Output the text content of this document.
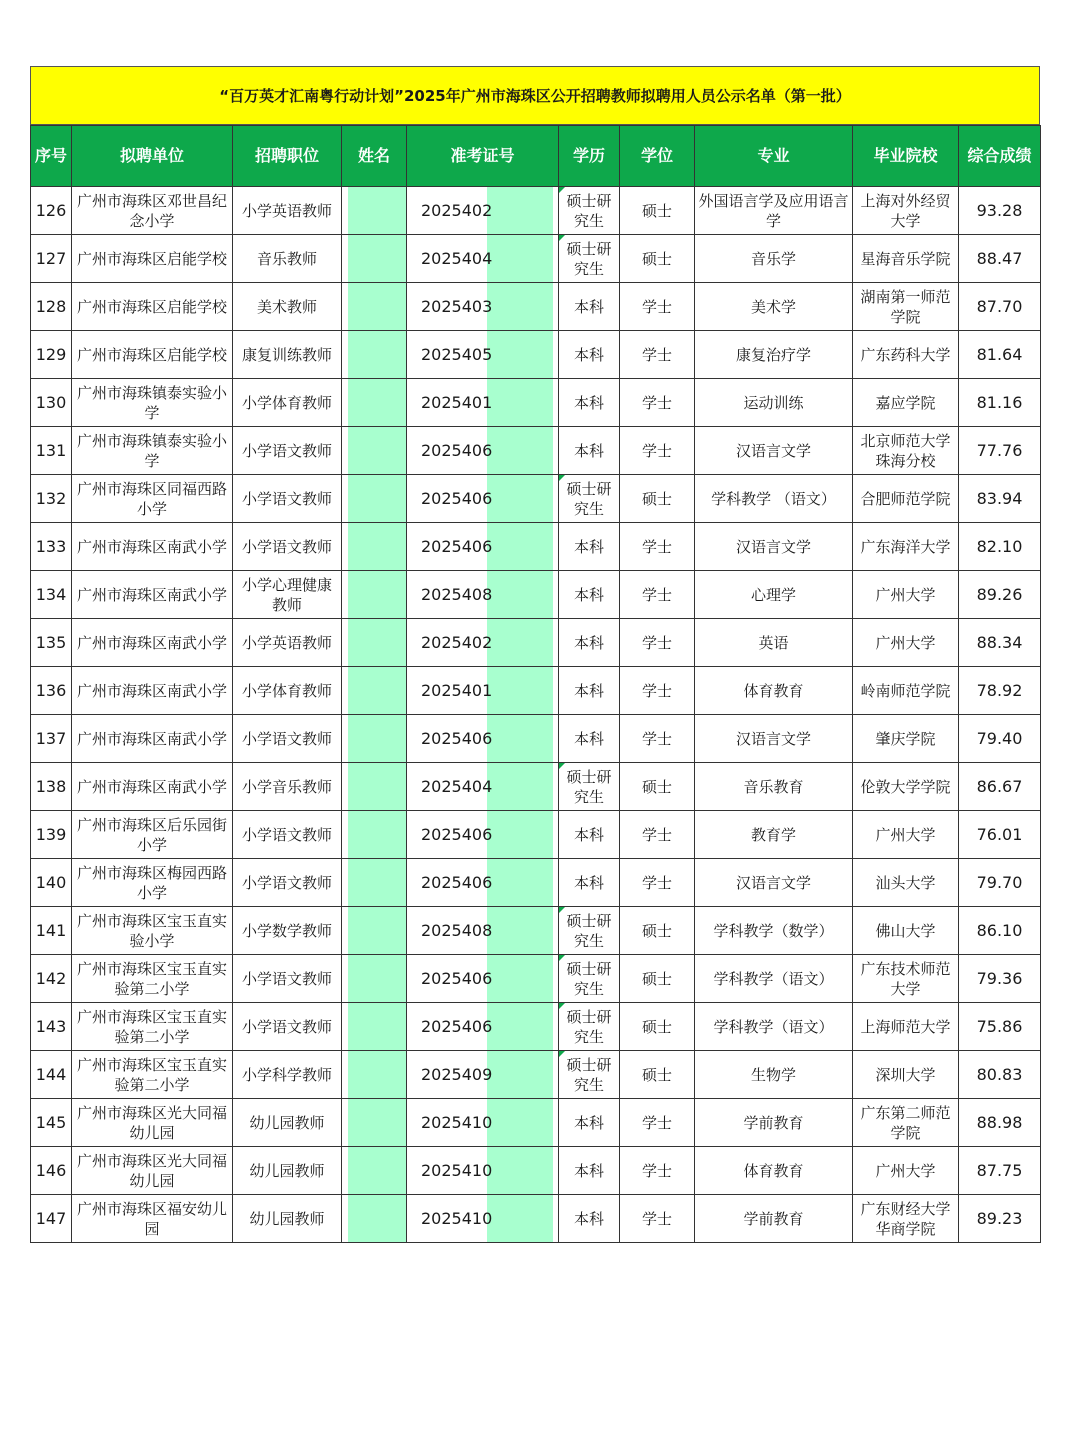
“百万英才汇南粤行动计划”2025年广州市海珠区公开招聘教师拟聘用人员公示名单（第一批）
序号	拟聘单位	招聘职位	姓名	准考证号	学历	学位	专业	毕业院校	综合成绩
126	广州市海珠区邓世昌纪念小学	小学英语教师		2025402	硕士研究生	硕士	外国语言学及应用语言学	上海对外经贸大学	93.28
127	广州市海珠区启能学校	音乐教师		2025404	硕士研究生	硕士	音乐学	星海音乐学院	88.47
128	广州市海珠区启能学校	美术教师		2025403	本科	学士	美术学	湖南第一师范学院	87.70
129	广州市海珠区启能学校	康复训练教师		2025405	本科	学士	康复治疗学	广东药科大学	81.64
130	广州市海珠镇泰实验小学	小学体育教师		2025401	本科	学士	运动训练	嘉应学院	81.16
131	广州市海珠镇泰实验小学	小学语文教师		2025406	本科	学士	汉语言文学	北京师范大学珠海分校	77.76
132	广州市海珠区同福西路小学	小学语文教师		2025406	硕士研究生	硕士	学科教学 （语文）	合肥师范学院	83.94
133	广州市海珠区南武小学	小学语文教师		2025406	本科	学士	汉语言文学	广东海洋大学	82.10
134	广州市海珠区南武小学	小学心理健康教师		2025408	本科	学士	心理学	广州大学	89.26
135	广州市海珠区南武小学	小学英语教师		2025402	本科	学士	英语	广州大学	88.34
136	广州市海珠区南武小学	小学体育教师		2025401	本科	学士	体育教育	岭南师范学院	78.92
137	广州市海珠区南武小学	小学语文教师		2025406	本科	学士	汉语言文学	肇庆学院	79.40
138	广州市海珠区南武小学	小学音乐教师		2025404	硕士研究生	硕士	音乐教育	伦敦大学学院	86.67
139	广州市海珠区后乐园街小学	小学语文教师		2025406	本科	学士	教育学	广州大学	76.01
140	广州市海珠区梅园西路小学	小学语文教师		2025406	本科	学士	汉语言文学	汕头大学	79.70
141	广州市海珠区宝玉直实验小学	小学数学教师		2025408	硕士研究生	硕士	学科教学（数学）	佛山大学	86.10
142	广州市海珠区宝玉直实验第二小学	小学语文教师		2025406	硕士研究生	硕士	学科教学（语文）	广东技术师范大学	79.36
143	广州市海珠区宝玉直实验第二小学	小学语文教师		2025406	硕士研究生	硕士	学科教学（语文）	上海师范大学	75.86
144	广州市海珠区宝玉直实验第二小学	小学科学教师		2025409	硕士研究生	硕士	生物学	深圳大学	80.83
145	广州市海珠区光大同福幼儿园	幼儿园教师		2025410	本科	学士	学前教育	广东第二师范学院	88.98
146	广州市海珠区光大同福幼儿园	幼儿园教师		2025410	本科	学士	体育教育	广州大学	87.75
147	广州市海珠区福安幼儿园	幼儿园教师		2025410	本科	学士	学前教育	广东财经大学华商学院	89.23
